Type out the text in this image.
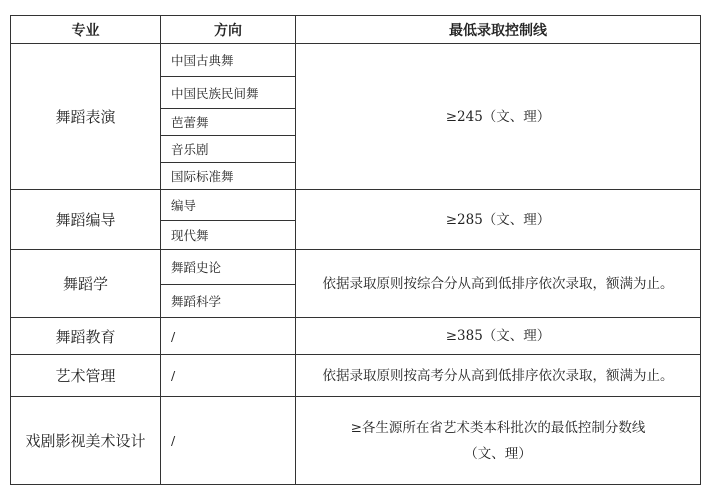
专业	方向	最低录取控制线
舞蹈表演	中国古典舞	≥245（文、理）
	中国民族民间舞	
	芭蕾舞	
	音乐剧	
	国际标准舞	
舞蹈编导	编导	≥285（文、理）
	现代舞	
舞蹈学	舞蹈史论	依据录取原则按综合分从高到低排序依次录取，额满为止。
	舞蹈科学	
舞蹈教育	/	≥385（文、理）
艺术管理	/	依据录取原则按高考分从高到低排序依次录取，额满为止。
戏剧影视美术设计	/	≥各生源所在省艺术类本科批次的最低控制分数线
（文、理）
